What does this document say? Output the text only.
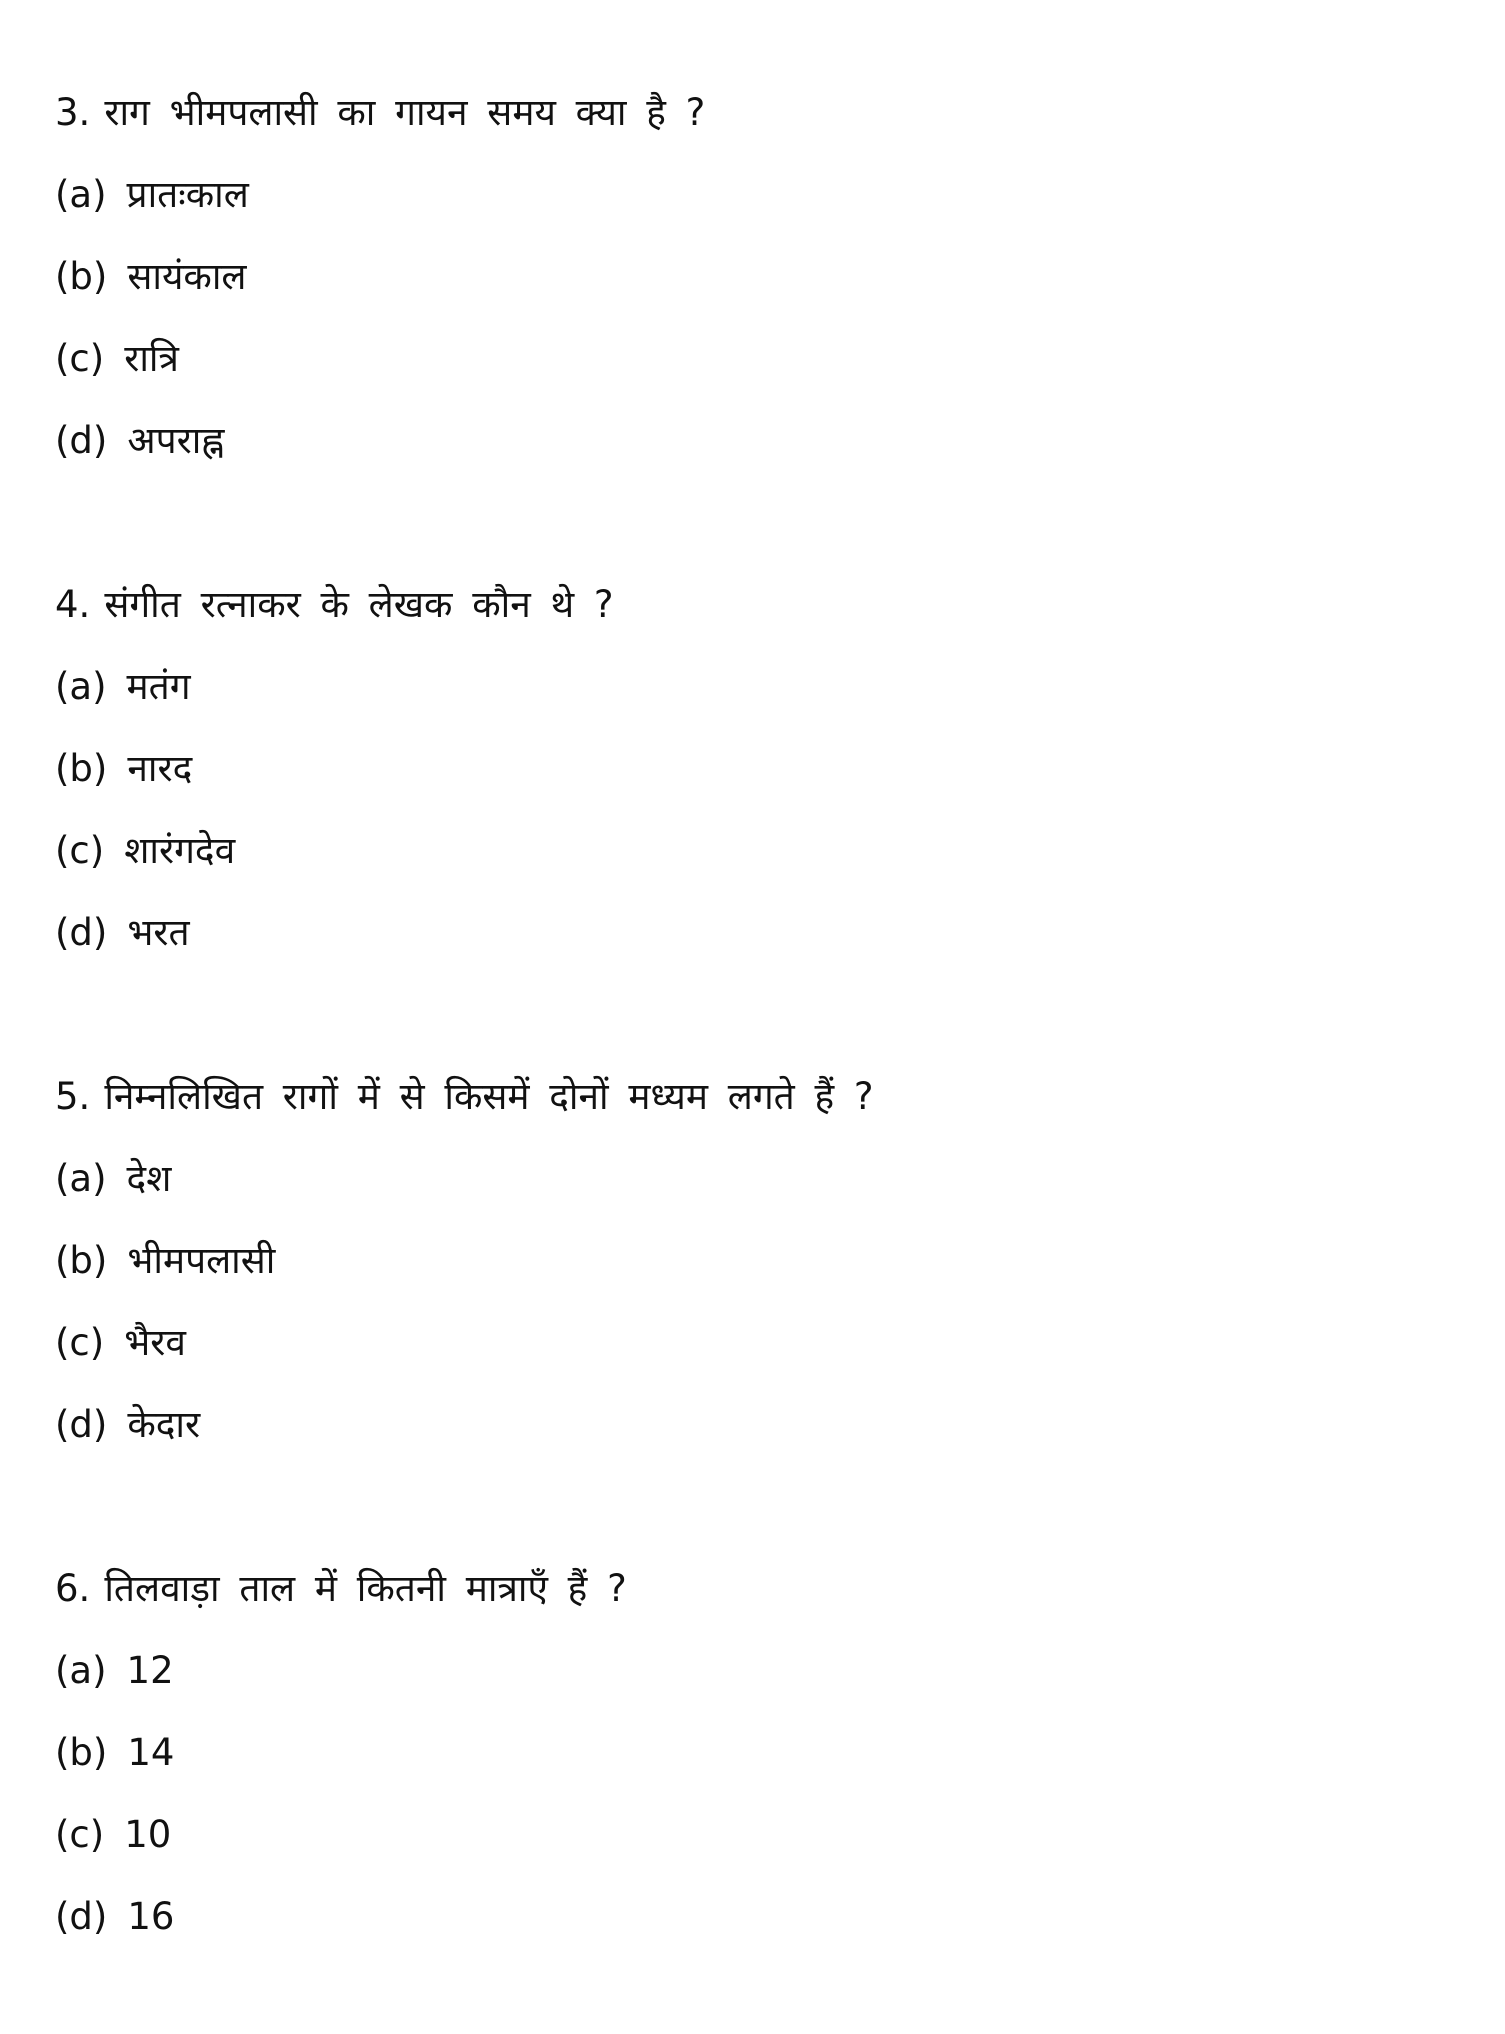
3. राग भीमपलासी का गायन समय क्या है ?
(a) प्रातःकाल
(b) सायंकाल
(c) रात्रि
(d) अपराह्न
4. संगीत रत्नाकर के लेखक कौन थे ?
(a) मतंग
(b) नारद
(c) शारंगदेव
(d) भरत
5. निम्नलिखित रागों में से किसमें दोनों मध्यम लगते हैं ?
(a) देश
(b) भीमपलासी
(c) भैरव
(d) केदार
6. तिलवाड़ा ताल में कितनी मात्राएँ हैं ?
(a) 12
(b) 14
(c) 10
(d) 16
